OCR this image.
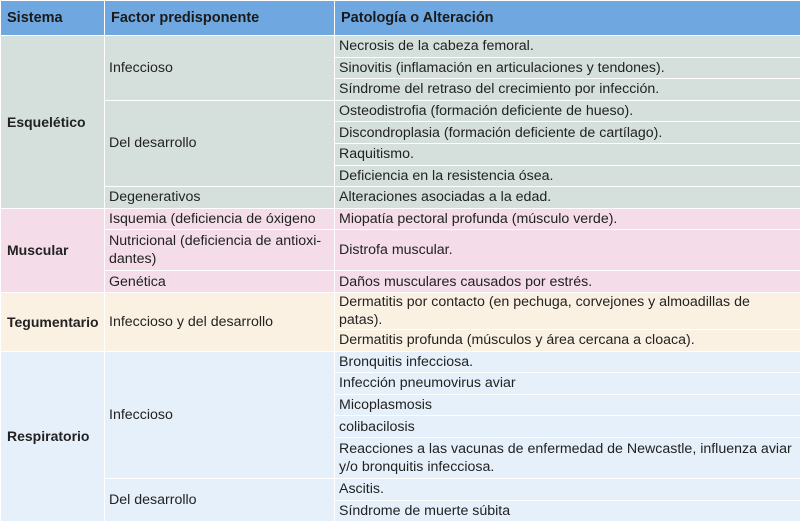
Sistema	Factor predisponente	Patología o Alteración
Esquelético	Infeccioso	Necrosis de la cabeza femoral.
		Sinovitis (inflamación en articulaciones y tendones).
		Síndrome del retraso del crecimiento por infección.
	Del desarrollo	Osteodistrofia (formación deficiente de hueso).
		Discondroplasia (formación deficiente de cartílago).
		Raquitismo.
		Deficiencia en la resistencia ósea.
	Degenerativos	Alteraciones asociadas a la edad.
Muscular	Isquemia (deficiencia de óxigeno	Miopatía pectoral profunda (músculo verde).
	Nutricional (deficiencia de antioxi-dantes)	Distrofa muscular.
	Genética	Daños musculares causados por estrés.
Tegumentario	Infeccioso y del desarrollo	Dermatitis por contacto (en pechuga, corvejones y almoadillas de patas).
		Dermatitis profunda (músculos y área cercana a cloaca).
Respiratorio	Infeccioso	Bronquitis infecciosa.
		Infección pneumovirus aviar
		Micoplasmosis
		colibacilosis
		Reacciones a las vacunas de enfermedad de Newcastle, influenza aviar y/o bronquitis infecciosa.
	Del desarrollo	Ascitis.
		Síndrome de muerte súbita
